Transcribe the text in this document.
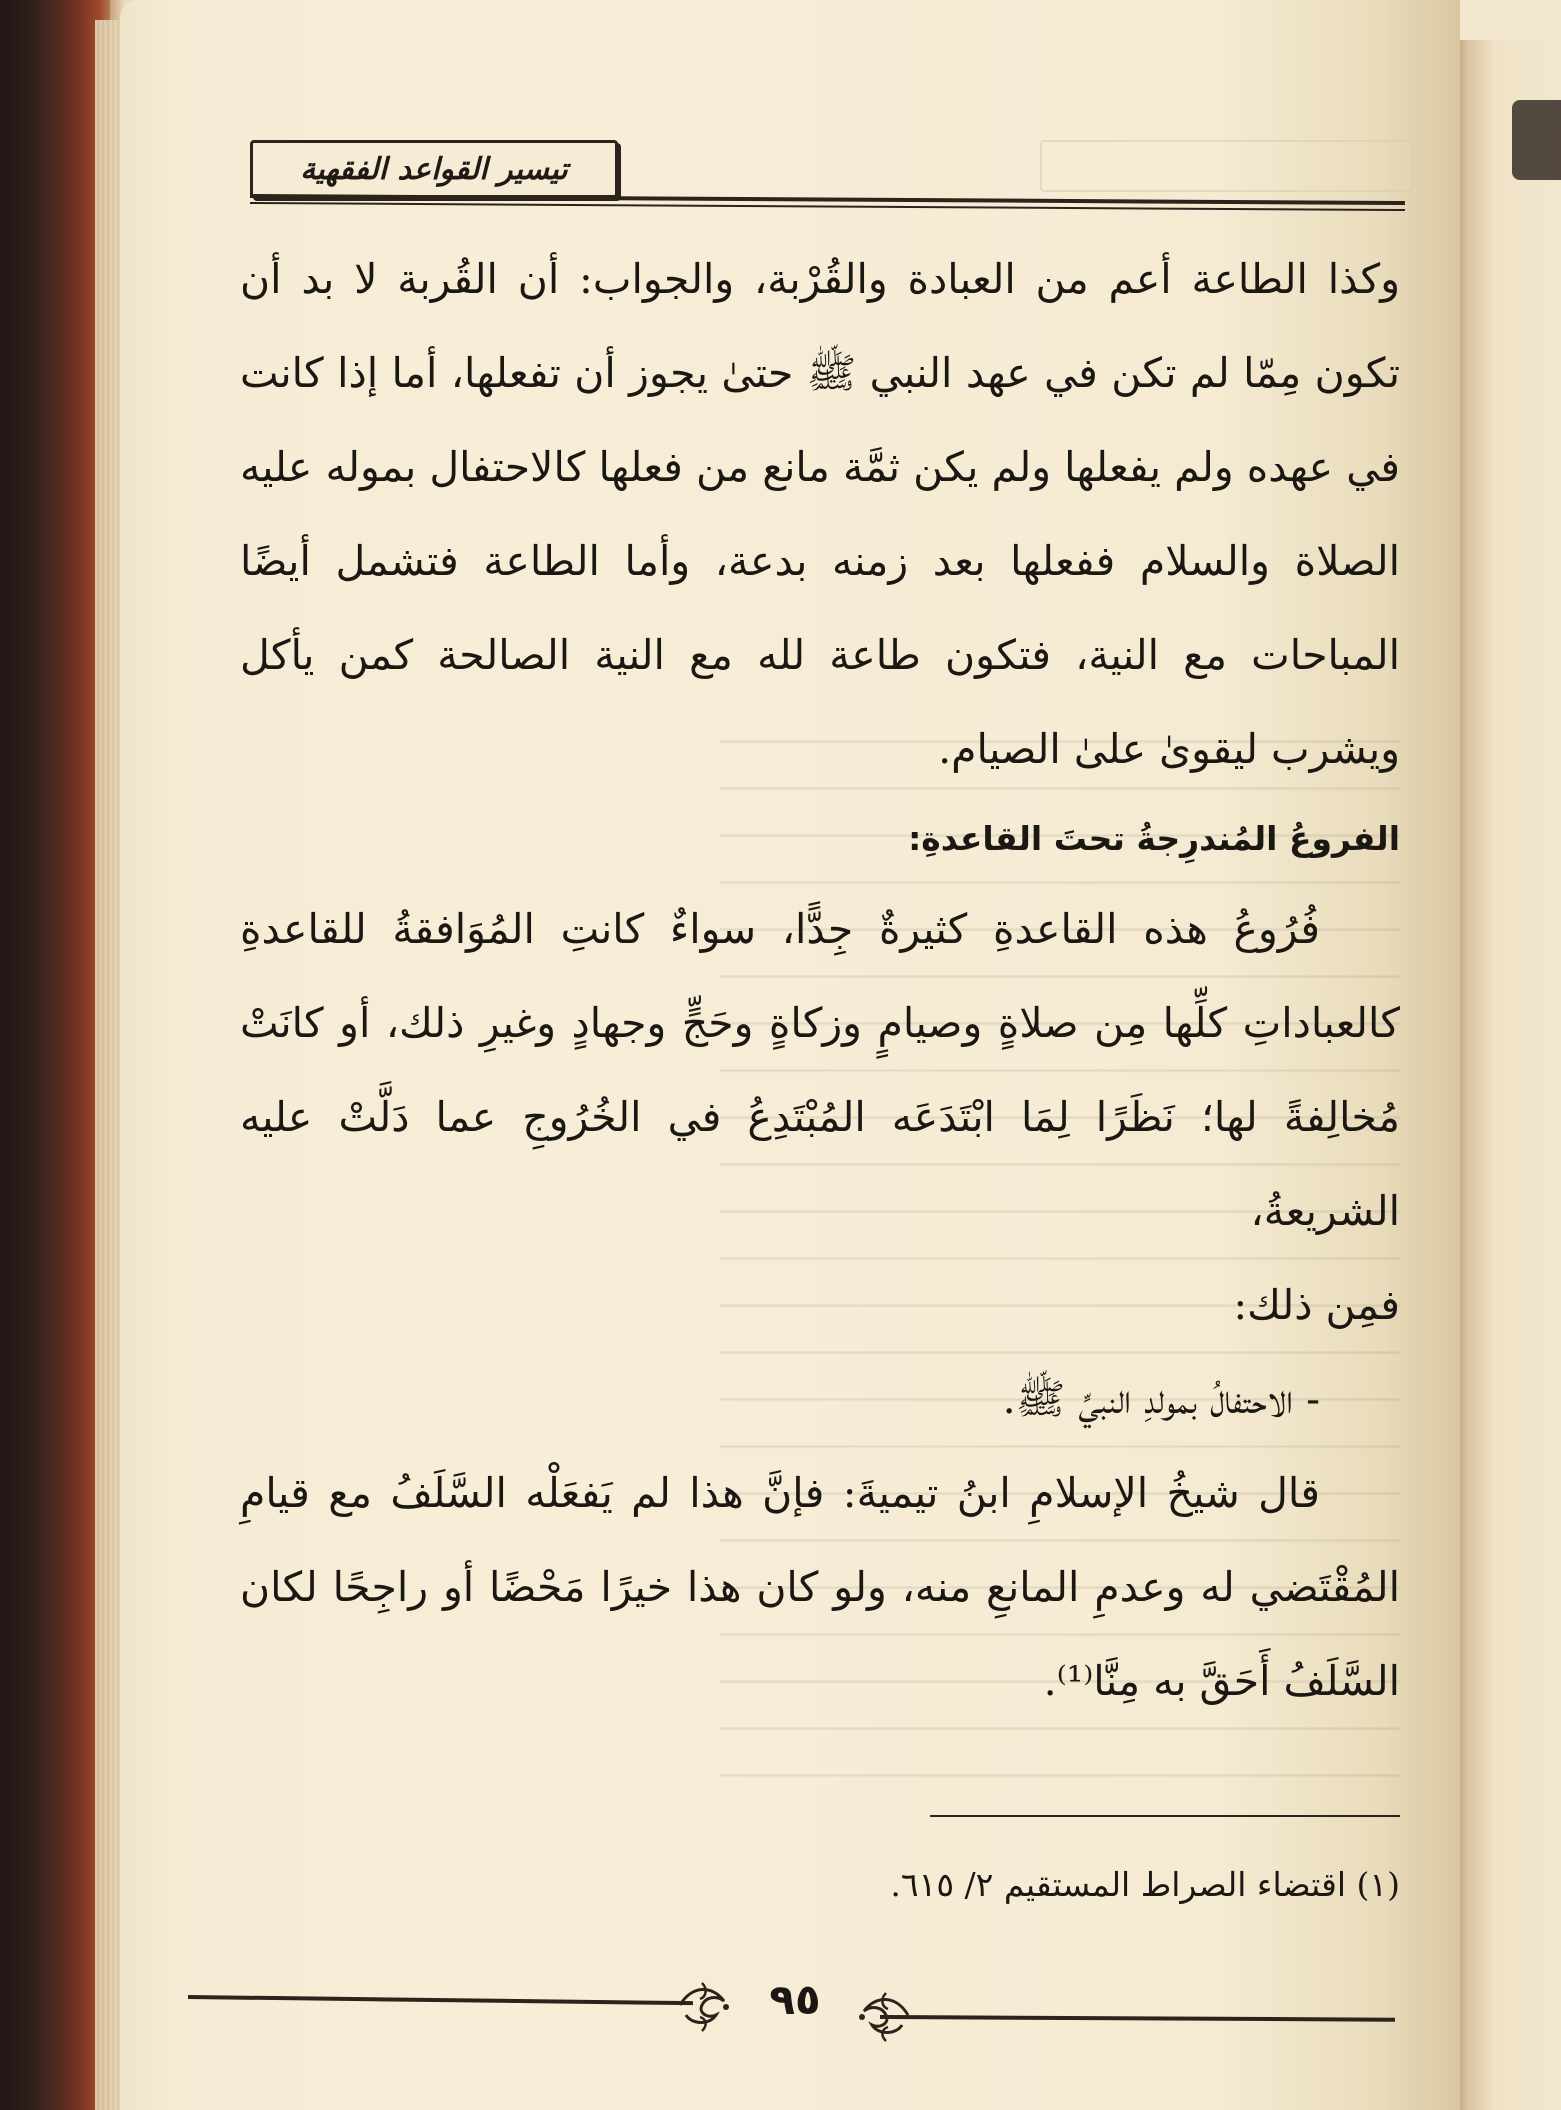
تيسير القواعد الفقهية

وكذا الطاعة أعم من العبادة والقُرْبة، والجواب: أن القُربة لا بد أن تكون مِمّا لم تكن في عهد النبي ﷺ حتىٰ يجوز أن تفعلها، أما إذا كانت في عهده ولم يفعلها ولم يكن ثمَّة مانع من فعلها كالاحتفال بموله عليه الصلاة والسلام ففعلها بعد زمنه بدعة، وأما الطاعة فتشمل أيضًا المباحات مع النية، فتكون طاعة لله مع النية الصالحة كمن يأكل ويشرب ليقوىٰ علىٰ الصيام.

الفروعُ المُندرِجةُ تحتَ القاعدةِ:

فُرُوعُ هذه القاعدةِ كثيرةٌ جِدًّا، سواءٌ كانتِ المُوَافقةُ للقاعدةِ كالعباداتِ كلِّها مِن صلاةٍ وصيامٍ وزكاةٍ وحَجٍّ وجهادٍ وغيرِ ذلك، أو كانَتْ مُخالِفةً لها؛ نَظَرًا لِمَا ابْتَدَعَه المُبْتَدِعُ في الخُرُوجِ عما دَلَّتْ عليه الشريعةُ،

فمِن ذلك:

- الاحتفالُ بمولدِ النبيِّ ﷺ.

قال شيخُ الإسلامِ ابنُ تيميةَ: فإنَّ هذا لم يَفعَلْه السَّلَفُ مع قيامِ المُقْتَضي له وعدمِ المانعِ منه، ولو كان هذا خيرًا مَحْضًا أو راجِحًا لكان السَّلَفُ أَحَقَّ به مِنَّا⁽¹⁾.

(١) اقتضاء الصراط المستقيم ٢/ ٦١٥.
٩٥
